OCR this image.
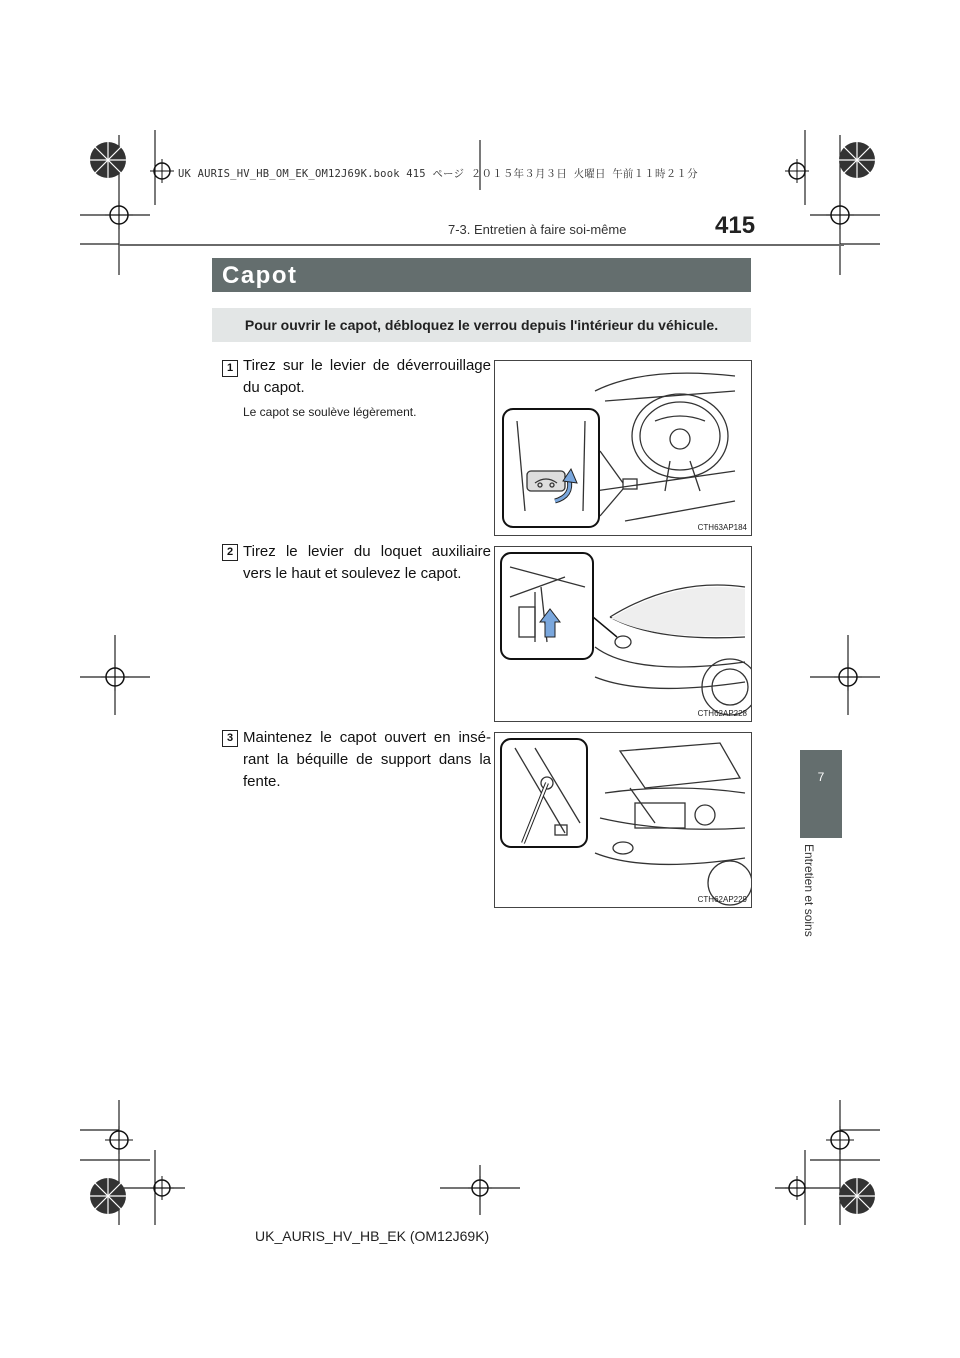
UK AURIS_HV_HB_OM_EK_OM12J69K.book 415 ページ ２０１５年３月３日 火曜日 午前１１時２１分
415
7-3. Entretien à faire soi-même
Capot
Pour ouvrir le capot, débloquez le verrou depuis l'intérieur du véhicule.
7
Entretien et soins
1 Tirez sur le levier de déverrouillage du capot.
Le capot se soulève légèrement.
CTH63AP184
2 Tirez le levier du loquet auxiliaire vers le haut et soulevez le capot.
CTH62AP228
3 Maintenez le capot ouvert en insé-rant la béquille de support dans la fente.
CTH62AP229
UK_AURIS_HV_HB_EK (OM12J69K)
